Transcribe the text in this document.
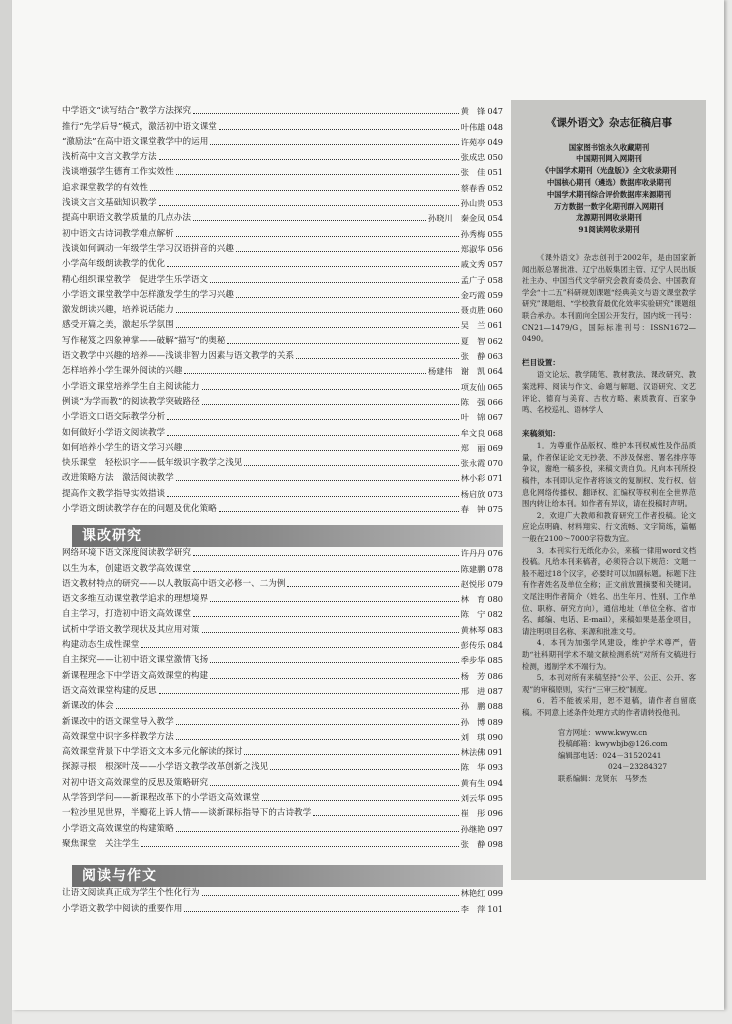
中学语文“读写结合”教学方法探究	黄　锋 047
推行“先学后导”模式，激活初中语文课堂	叶伟雄 048
“激励法”在高中语文课堂教学中的运用	许苑亭 049
浅析高中文言文教学方法	张成忠 050
浅谈增强学生德育工作实效性	张　佳 051
追求课堂教学的有效性	蔡春香 052
浅谈文言文基础知识教学	孙山贵 053
提高中职语文教学质量的几点办法	孙晓川　秦金凤 054
初中语文古诗词教学难点解析	孙秀梅 055
浅谈如何调动一年级学生学习汉语拼音的兴趣	郑淑华 056
小学高年级朗读教学的优化	戚文秀 057
精心组织课堂教学　促进学生乐学语文	孟广子 058
小学语文课堂教学中怎样激发学生的学习兴趣	金巧霞 059
激发朗读兴趣，培养说话能力	聂贞胜 060
感受开篇之美，激起乐学氛围	吴　兰 061
写作秘笈之四象神掌——破解“描写”的奥秘	夏　智 062
语文教学中兴趣的培养——浅谈非智力因素与语文教学的关系	张　静 063
怎样培养小学生课外阅读的兴趣	杨建伟　谢　凯 064
小学语文课堂培养学生自主阅读能力	项友仙 065
例谈“为学而教”的阅读教学突破路径	陈　强 066
小学语文口语交际教学分析	叶　锦 067
如何做好小学语文阅读教学	牟文良 068
如何培养小学生的语文学习兴趣	郑　丽 069
快乐课堂　轻松识字——低年级识字教学之浅见	张永霞 070
改进策略方法　激活阅读教学	林小彩 071
提高作文教学指导实效措谈	杨启放 073
小学语文朗读教学存在的问题及优化策略	春　钟 075
课改研究
网络环境下语文深度阅读教学研究	许丹丹 076
以生为本，创建语文教学高效课堂	陈建鹏 078
语文教材特点的研究——以人教版高中语文必修一、二为例	赵悦彤 079
语文多维互动课堂教学追求的理想境界	林　育 080
自主学习，打造初中语文高效课堂	陈　宁 082
试析中学语文教学现状及其应用对策	黄林琴 083
构建动态生成性课堂	彭传乐 084
自主探究——让初中语文课堂激情飞扬	季步华 085
新课程理念下中学语文高效课堂的构建	杨　芳 086
语文高效课堂构建的反思	邢　进 087
新课改的体会	孙　鹏 088
新课改中的语文课堂导入教学	孙　博 089
高效课堂中识字多样教学方法	刘　琪 090
高效课堂背景下中学语文文本多元化解读的探讨	林法佛 091
探源寻根　根深叶茂——小学语文教学改革创新之浅见	陈　华 093
对初中语文高效课堂的反思及策略研究	黄有生 094
从学答到学问——新课程改革下的小学语文高效课堂	刘云华 095
一粒沙里见世界，半瓣花上诉人情——谈新课标指导下的古诗教学	崔　彤 096
小学语文高效课堂的构建策略	孙继艳 097
聚焦课堂　关注学生	张　静 098
阅读与作文
让语文阅读真正成为学生个性化行为	林艳红 099
小学语文教学中阅读的重要作用	李　萍 101
《课外语文》杂志征稿启事
国家图书馆永久收藏期刊
中国期刊网入网期刊
《中国学术期刊（光盘版）》全文收录期刊
中国核心期刊（遴选）数据库收录期刊
中国学术期刊综合评价数据库来源期刊
万方数据一数字化期刊群入网期刊
龙源期刊网收录期刊
91阅读网收录期刊

《课外语文》杂志创刊于2002年，是由国家新闻出版总署批准、辽宁出版集团主管、辽宁人民出版社主办、中国当代文学研究会教育委员会、中国教育学会“十二五”科研规划课题“经典美文与语文课堂教学研究”课题组、“学校教育最优化效率实验研究”课题组联合承办。本刊面向全国公开发行，国内统一刊号：CN21—1479/G，国际标准刊号：ISSN1672—0490。

栏目设置：

语文论坛、教学随笔、教材教法、课改研究、教案选粹、阅读与作文、命题与解题、汉语研究、文艺评论、德育与美育、古枚方略、素质教育、百家争鸣、名校巡礼、语林学人

来稿须知：

1．为尊重作品版权、维护本刊权威性及作品质量，作者保证论文无抄袭、不涉及保密、署名排序等争议，谢绝一稿多投，来稿文责自负。凡向本刊所投稿件，本刊即认定作者将该文的复制权、发行权、信息化网络传播权、翻译权、汇编权等权利在全世界范围内转让给本刊。如作者有异议，请在投稿时声明。

2．欢迎广大教师和教育研究工作者投稿。论文应论点明确、材料翔实、行文流畅、文字简练，篇幅一般在2100～7000字符数为宜。

3．本刊实行无纸化办公，来稿一律用word文档投稿。凡给本刊来稿者，必须符合以下规范：文题一般不超过18个汉字，必要时可以加副标题。标题下注有作者姓名及单位全称；正文前放置摘要和关键词。文尾注明作者简介（姓名、出生年月、性别、工作单位、职称、研究方向），通信地址（单位全称、省市名、邮编、电话、E-mail），来稿如果是基金项目，请注明项目名称、来源和批准文号。

4．本刊为加强学风建设，维护学术尊严，借助“社科期刊学术不端文献检测系统”对所有文稿进行检测，遏制学术不端行为。

5．本刊对所有来稿坚持“公平、公正、公开、客观”的审稿原则，实行“三审三校”制度。

6．若不能被采用，恕不退稿，请作者自留底稿。不同意上述条件处理方式的作者请转投他刊。

官方网址：www.kwyw.cn
投稿邮箱：kwywbjb@126.com
编辑部电话：024－31520241
024－23284327
联系编辑：龙贤东　马梦杰
